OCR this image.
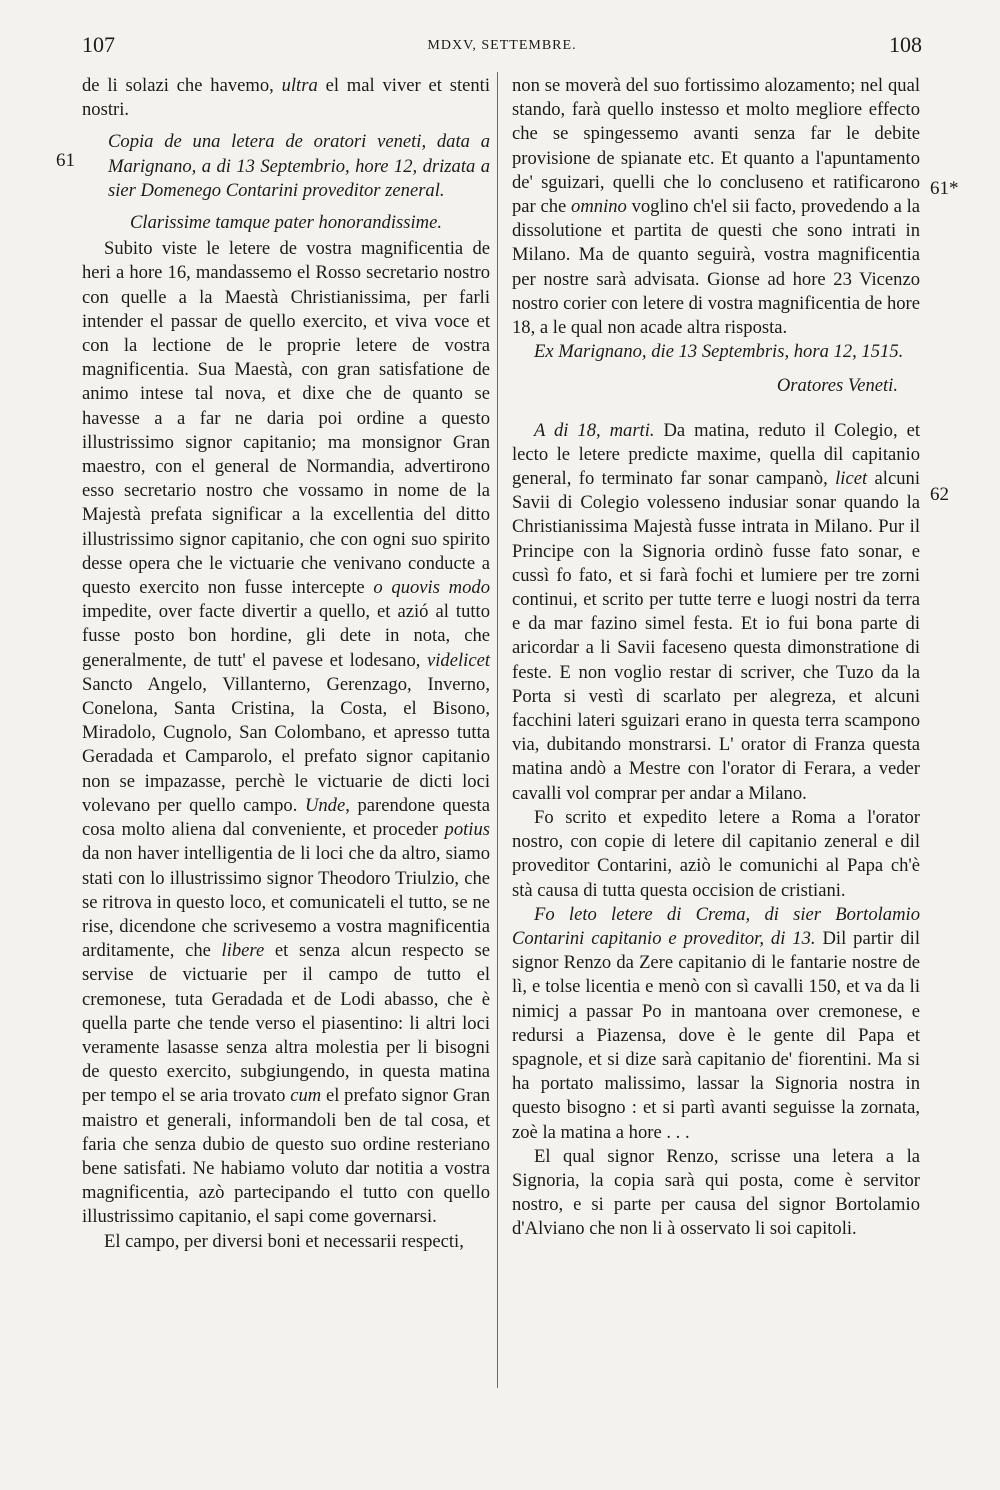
107	MDXV, SETTEMBRE.	108
61
61*
62

de li solazi che havemo, ultra el mal viver et stenti nostri.

Copia de una letera de oratori veneti, data a Marignano, a di 13 Septembrio, hore 12, drizata a sier Domenego Contarini proveditor zeneral.

Clarissime tamque pater honorandissime.

Subito viste le letere de vostra magnificentia de heri a hore 16, mandassemo el Rosso secretario nostro con quelle a la Maestà Christianissima, per farli intender el passar de quello exercito, et viva voce et con la lectione de le proprie letere de vostra magnificentia. Sua Maestà, con gran satisfatione de animo intese tal nova, et dixe che de quanto se havesse a a far ne daria poi ordine a questo illustrissimo signor capitanio; ma monsignor Gran maestro, con el general de Normandia, advertirono esso secretario nostro che vossamo in nome de la Majestà prefata significar a la excellentia del ditto illustrissimo signor capitanio, che con ogni suo spirito desse opera che le victuarie che venivano conducte a questo exercito non fusse intercepte o quovis modo impedite, over facte divertir a quello, et azió al tutto fusse posto bon hordine, gli dete in nota, che generalmente, de tutt' el pavese et lodesano, videlicet Sancto Angelo, Villanterno, Gerenzago, Inverno, Conelona, Santa Cristina, la Costa, el Bisono, Miradolo, Cugnolo, San Colombano, et apresso tutta Geradada et Camparolo, el prefato signor capitanio non se impazasse, perchè le victuarie de dicti loci volevano per quello campo. Unde, parendone questa cosa molto aliena dal conveniente, et proceder potius da non haver intelligentia de li loci che da altro, siamo stati con lo illustrissimo signor Theodoro Triulzio, che se ritrova in questo loco, et comunicateli el tutto, se ne rise, dicendone che scrivesemo a vostra magnificentia arditamente, che libere et senza alcun respecto se servise de victuarie per il campo de tutto el cremonese, tuta Geradada et de Lodi abasso, che è quella parte che tende verso el piasentino: li altri loci veramente lasasse senza altra molestia per li bisogni de questo exercito, subgiungendo, in questa matina per tempo el se aria trovato cum el prefato signor Gran maistro et generali, informandoli ben de tal cosa, et faria che senza dubio de questo suo ordine resteriano bene satisfati. Ne habiamo voluto dar notitia a vostra magnificentia, azò partecipando el tutto con quello illustrissimo capitanio, el sapi come governarsi.

El campo, per diversi boni et necessarii respecti,

non se moverà del suo fortissimo alozamento; nel qual stando, farà quello instesso et molto megliore effecto che se spingessemo avanti senza far le debite provisione de spianate etc. Et quanto a l'apuntamento de' sguizari, quelli che lo concluseno et ratificarono par che omnino voglino ch'el sii facto, provedendo a la dissolutione et partita de questi che sono intrati in Milano. Ma de quanto seguirà, vostra magnificentia per nostre sarà advisata. Gionse ad hore 23 Vicenzo nostro corier con letere di vostra magnificentia de hore 18, a le qual non acade altra risposta.

Ex Marignano, die 13 Septembris, hora 12, 1515.

Oratores Veneti.

A di 18, marti. Da matina, reduto il Colegio, et lecto le letere predicte maxime, quella dil capitanio general, fo terminato far sonar campanò, licet alcuni Savii di Colegio volesseno indusiar sonar quando la Christianissima Majestà fusse intrata in Milano. Pur il Principe con la Signoria ordinò fusse fato sonar, e cussì fo fato, et si farà fochi et lumiere per tre zorni continui, et scrito per tutte terre e luogi nostri da terra e da mar fazino simel festa. Et io fui bona parte di aricordar a li Savii faceseno questa dimonstratione di feste. E non voglio restar di scriver, che Tuzo da la Porta si vestì di scarlato per alegreza, et alcuni facchini lateri sguizari erano in questa terra scampono via, dubitando monstrarsi. L' orator di Franza questa matina andò a Mestre con l'orator di Ferara, a veder cavalli vol comprar per andar a Milano.

Fo scrito et expedito letere a Roma a l'orator nostro, con copie di letere dil capitanio zeneral e dil proveditor Contarini, aziò le comunichi al Papa ch'è stà causa di tutta questa occision de cristiani.

Fo leto letere di Crema, di sier Bortolamio Contarini capitanio e proveditor, di 13. Dil partir dil signor Renzo da Zere capitanio di le fantarie nostre de lì, e tolse licentia e menò con sì cavalli 150, et va da li nimicj a passar Po in mantoana over cremonese, e redursi a Piazensa, dove è le gente dil Papa et spagnole, et si dize sarà capitanio de' fiorentini. Ma si ha portato malissimo, lassar la Signoria nostra in questo bisogno : et si partì avanti seguisse la zornata, zoè la matina a hore . . .

El qual signor Renzo, scrisse una letera a la Signoria, la copia sarà qui posta, come è servitor nostro, e si parte per causa del signor Bortolamio d'Alviano che non li à osservato li soi capitoli.
